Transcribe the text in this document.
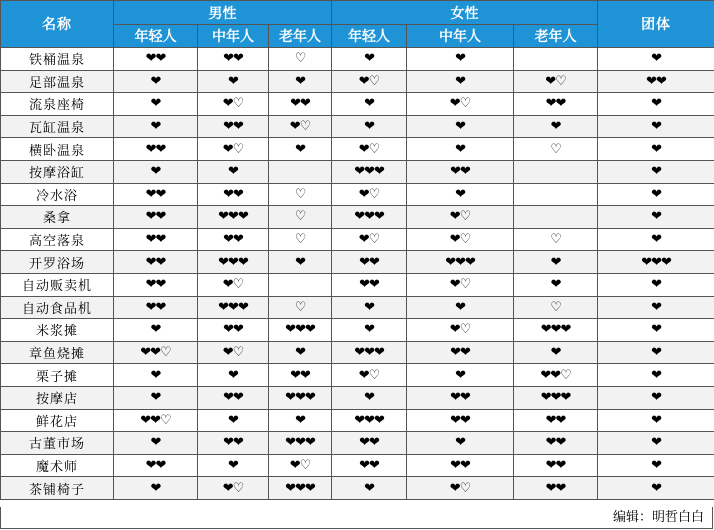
名称	男性			女性			团体
	年轻人	中年人	老年人	年轻人	中年人	老年人	
铁桶温泉	❤❤	❤❤	♡	❤	❤		❤
足部温泉	❤	❤	❤	❤♡	❤	❤♡	❤❤
流泉座椅	❤	❤♡	❤❤	❤	❤♡	❤❤	❤
瓦缸温泉	❤	❤❤	❤♡	❤	❤	❤	❤
横卧温泉	❤❤	❤♡	❤	❤♡	❤	♡	❤
按摩浴缸	❤	❤		❤❤❤	❤❤		❤
冷水浴	❤❤	❤❤	♡	❤♡	❤		❤
桑拿	❤❤	❤❤❤	♡	❤❤❤	❤♡		❤
高空落泉	❤❤	❤❤	♡	❤♡	❤♡	♡	❤
开罗浴场	❤❤	❤❤❤	❤	❤❤	❤❤❤	❤	❤❤❤
自动贩卖机	❤❤	❤♡		❤❤	❤♡	❤	❤
自动食品机	❤❤	❤❤❤	♡	❤	❤	♡	❤
米浆摊	❤	❤❤	❤❤❤	❤	❤♡	❤❤❤	❤
章鱼烧摊	❤❤♡	❤♡	❤	❤❤❤	❤❤	❤	❤
栗子摊	❤	❤	❤❤	❤♡	❤	❤❤♡	❤
按摩店	❤	❤❤	❤❤❤	❤	❤❤	❤❤❤	❤
鲜花店	❤❤♡	❤	❤	❤❤❤	❤❤	❤❤	❤
古董市场	❤	❤❤	❤❤❤	❤❤	❤	❤❤	❤
魔术师	❤❤	❤	❤♡	❤❤	❤❤	❤❤	❤
茶铺椅子	❤	❤♡	❤❤❤	❤	❤♡	❤❤	❤
编辑：明哲白白
